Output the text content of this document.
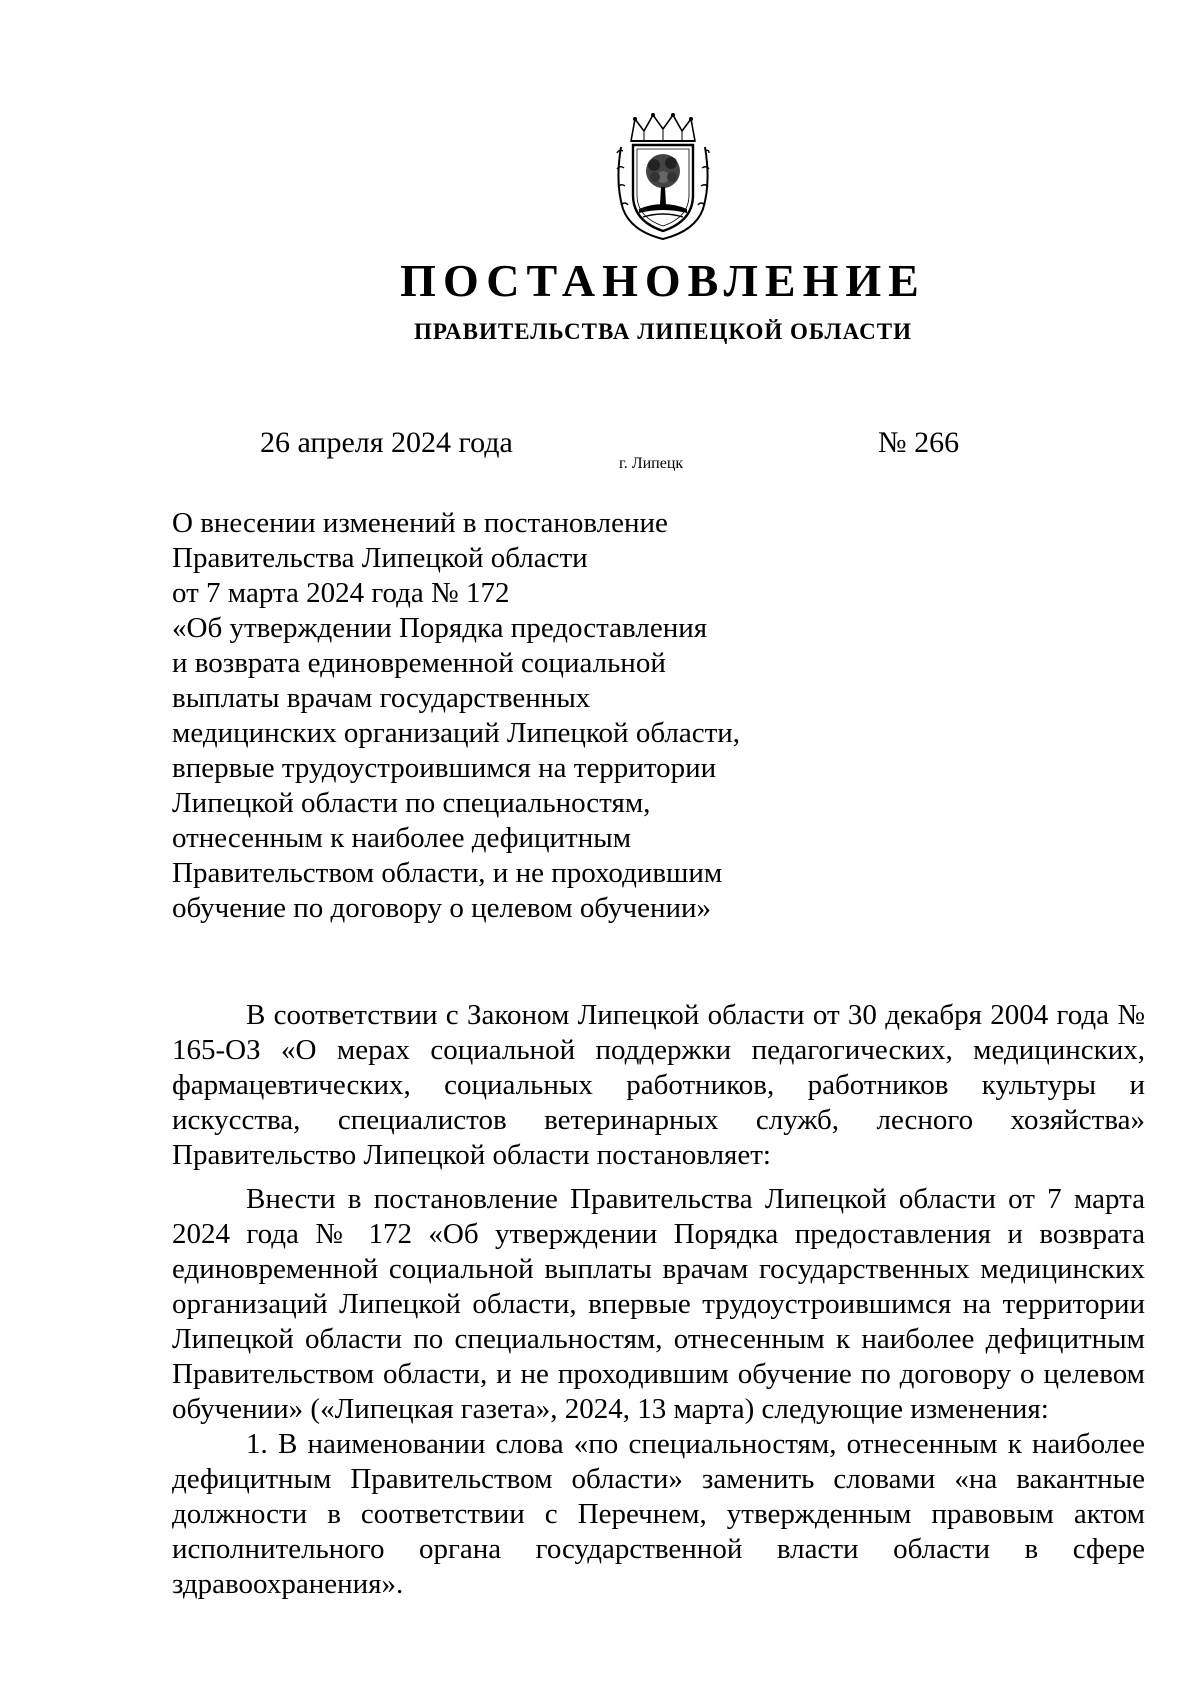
ПОСТАНОВЛЕНИЕ
ПРАВИТЕЛЬСТВА ЛИПЕЦКОЙ ОБЛАСТИ
26 апреля 2024 года
г. Липецк
№ 266
О внесении изменений в постановление
Правительства Липецкой области
от 7 марта 2024 года № 172
«Об утверждении Порядка предоставления
и возврата единовременной социальной
выплаты врачам государственных
медицинских организаций Липецкой области,
впервые трудоустроившимся на территории
Липецкой области по специальностям,
отнесенным к наиболее дефицитным
Правительством области, и не проходившим
обучение по договору о целевом обучении»

В соответствии с Законом Липецкой области от 30 декабря 2004 года № 165-ОЗ «О мерах социальной поддержки педагогических, медицинских, фармацевтических, социальных работников, работников культуры и искусства, специалистов ветеринарных служб, лесного хозяйства» Правительство Липецкой области постановляет:

Внести в постановление Правительства Липецкой области от 7 марта 2024 года № 172 «Об утверждении Порядка предоставления и возврата единовременной социальной выплаты врачам государственных медицинских организаций Липецкой области, впервые трудоустроившимся на территории Липецкой области по специальностям, отнесенным к наиболее дефицитным Правительством области, и не проходившим обучение по договору о целевом обучении» («Липецкая газета», 2024, 13 марта) следующие изменения:

1. В наименовании слова «по специальностям, отнесенным к наиболее дефицитным Правительством области» заменить словами «на вакантные должности в соответствии с Перечнем, утвержденным правовым актом исполнительного органа государственной власти области в сфере здравоохранения».
